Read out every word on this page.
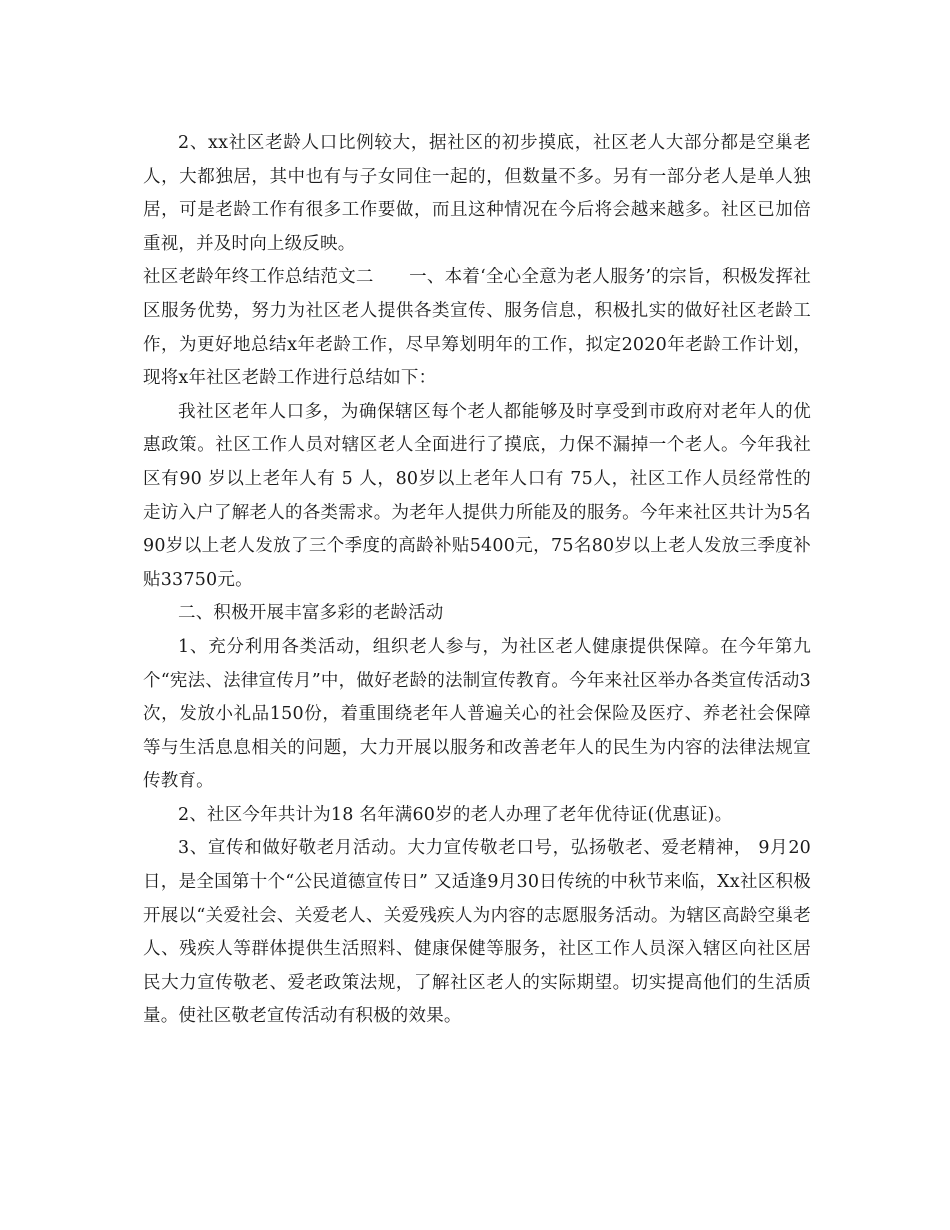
2、xx社区老龄人口比例较大，据社区的初步摸底，社区老人大部分都是空巢老人，大都独居，其中也有与子女同住一起的，但数量不多。另有一部分老人是单人独居，可是老龄工作有很多工作要做，而且这种情况在今后将会越来越多。社区已加倍重视，并及时向上级反映。

社区老龄年终工作总结范文二　　一、本着‘全心全意为老人服务’的宗旨，积极发挥社区服务优势，努力为社区老人提供各类宣传、服务信息，积极扎实的做好社区老龄工作，为更好地总结x年老龄工作，尽早筹划明年的工作，拟定2020年老龄工作计划，现将x年社区老龄工作进行总结如下：

我社区老年人口多，为确保辖区每个老人都能够及时享受到市政府对老年人的优惠政策。社区工作人员对辖区老人全面进行了摸底，力保不漏掉一个老人。今年我社区有90 岁以上老年人有 5 人，80岁以上老年人口有 75人，社区工作人员经常性的走访入户了解老人的各类需求。为老年人提供力所能及的服务。今年来社区共计为5名90岁以上老人发放了三个季度的高龄补贴5400元，75名80岁以上老人发放三季度补贴33750元。

二、积极开展丰富多彩的老龄活动

1、充分利用各类活动，组织老人参与，为社区老人健康提供保障。在今年第九个“宪法、法律宣传月”中，做好老龄的法制宣传教育。今年来社区举办各类宣传活动3次，发放小礼品150份，着重围绕老年人普遍关心的社会保险及医疗、养老社会保障等与生活息息相关的问题，大力开展以服务和改善老年人的民生为内容的法律法规宣传教育。

2、社区今年共计为18 名年满60岁的老人办理了老年优待证(优惠证)。

3、宣传和做好敬老月活动。大力宣传敬老口号，弘扬敬老、爱老精神， 9月20日，是全国第十个“公民道德宣传日” 又适逢9月30日传统的中秋节来临，Xx社区积极开展以“关爱社会、关爱老人、关爱残疾人为内容的志愿服务活动。为辖区高龄空巢老人、残疾人等群体提供生活照料、健康保健等服务，社区工作人员深入辖区向社区居民大力宣传敬老、爱老政策法规，了解社区老人的实际期望。切实提高他们的生活质量。使社区敬老宣传活动有积极的效果。
